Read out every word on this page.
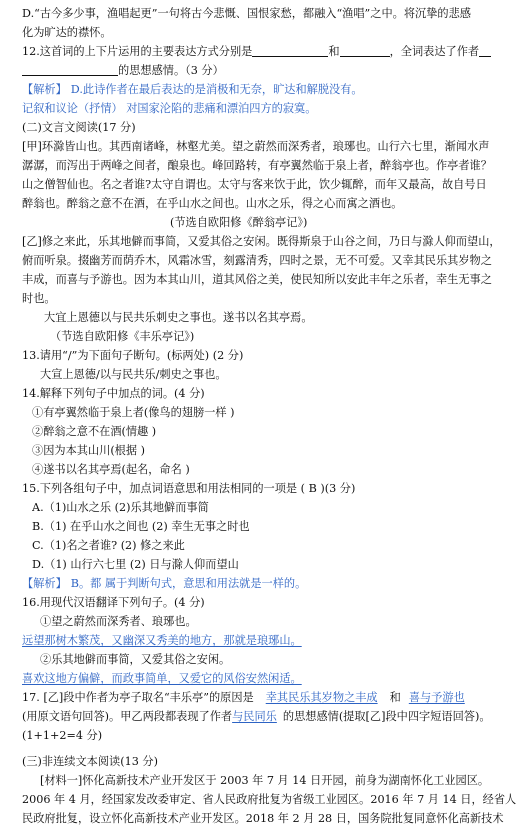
D.“古今多少事，渔唱起更”一句将古今悲慨、国恨家愁，都融入“渔唱”之中。将沉挚的悲感
化为旷达的襟怀。
12.这首词的上下片运用的主要表达方式分别是	和	，全词表达了作者
的思想感情。（3 分）
【解析】 D.此诗作者在最后表达的是消极和无奈，旷达和解脱没有。
记叙和议论（抒情） 对国家沦陷的悲痛和漂泊四方的寂寞。
(二)文言文阅读(17 分)
[甲]环滁皆山也。其西南诸峰，林壑尤美。望之蔚然而深秀者，琅琊也。山行六七里，渐闻水声
潺潺，而泻出于两峰之间者，酿泉也。峰回路转，有亭翼然临于泉上者，醉翁亭也。作亭者谁？
山之僧智仙也。名之者谁?太守自谓也。太守与客来饮于此，饮少辄醉，而年又最高，故自号日
醉翁也。醉翁之意不在酒，在乎山水之间也。山水之乐，得之心而寓之酒也。
(节选自欧阳修《醉翁亭记》)
[乙]修之来此，乐其地僻而事简，又爱其俗之安闲。既得斯泉于山谷之间，乃日与滁人仰而望山，
俯而听泉。掇幽芳而荫乔木，风霜冰雪，刻露清秀，四时之景，无不可爱。又幸其民乐其岁物之
丰成，而喜与予游也。因为本其山川，道其风俗之美，使民知所以安此丰年之乐者，幸生无事之
时也。
大宜上恩德以与民共乐刺史之事也。遂书以名其亭焉。
（节选自欧阳修《丰乐亭记》)
13.请用“/”为下面句子断句。(标两处) (2 分)
大宣上恩德/以与民共乐/刺史之事也。
14.解释下列句子中加点的词。(4 分)
①有亭翼然临于泉上者(像鸟的翅膀一样 )
②醉翁之意不在酒(情趣 )
③因为本其山川(根据 )
④遂书以名其亭焉(起名，命名 )
15.下列各组句子中，加点词语意思和用法相同的一项是 ( B )(3 分)
A.（1)山水之乐 (2)乐其地僻而事简
B.（1) 在乎山水之间也 (2) 幸生无事之时也
C.（1)名之者谁? (2) 修之来此
D.（1) 山行六七里 (2) 日与滁人仰而望山
【解析】 B。都 属于判断句式，意思和用法就是一样的。
16.用现代汉语翻译下列句子。(4 分)
①望之蔚然而深秀者、琅琊也。
远望那树木繁茂，又幽深又秀美的地方，那就是琅琊山。
②乐其地僻而事简，又爱其俗之安闲。
喜欢这地方偏僻，而政事简单，又爱它的风俗安然闲适。
17. [乙]段中作者为亭子取名“丰乐亭”的原因是 幸其民乐其岁物之丰成 和 喜与予游也
(用原文语句回答)。甲乙两段都表现了作者与民同乐 的思想感情(提取[乙]段中四字短语回答)。
(1+1+2=4 分)
(三)非连续文本阅读(13 分)
[材料一]怀化高新技术产业开发区于 2003 年 7 月 14 日开园，前身为湖南怀化工业园区。
2006 年 4 月，经国家发改委审定、省人民政府批复为省级工业园区。2016 年 7 月 14 日，经省人
民政府批复，设立怀化高新技术产业开发区。2018 年 2 月 28 日，国务院批复同意怀化高新技术
